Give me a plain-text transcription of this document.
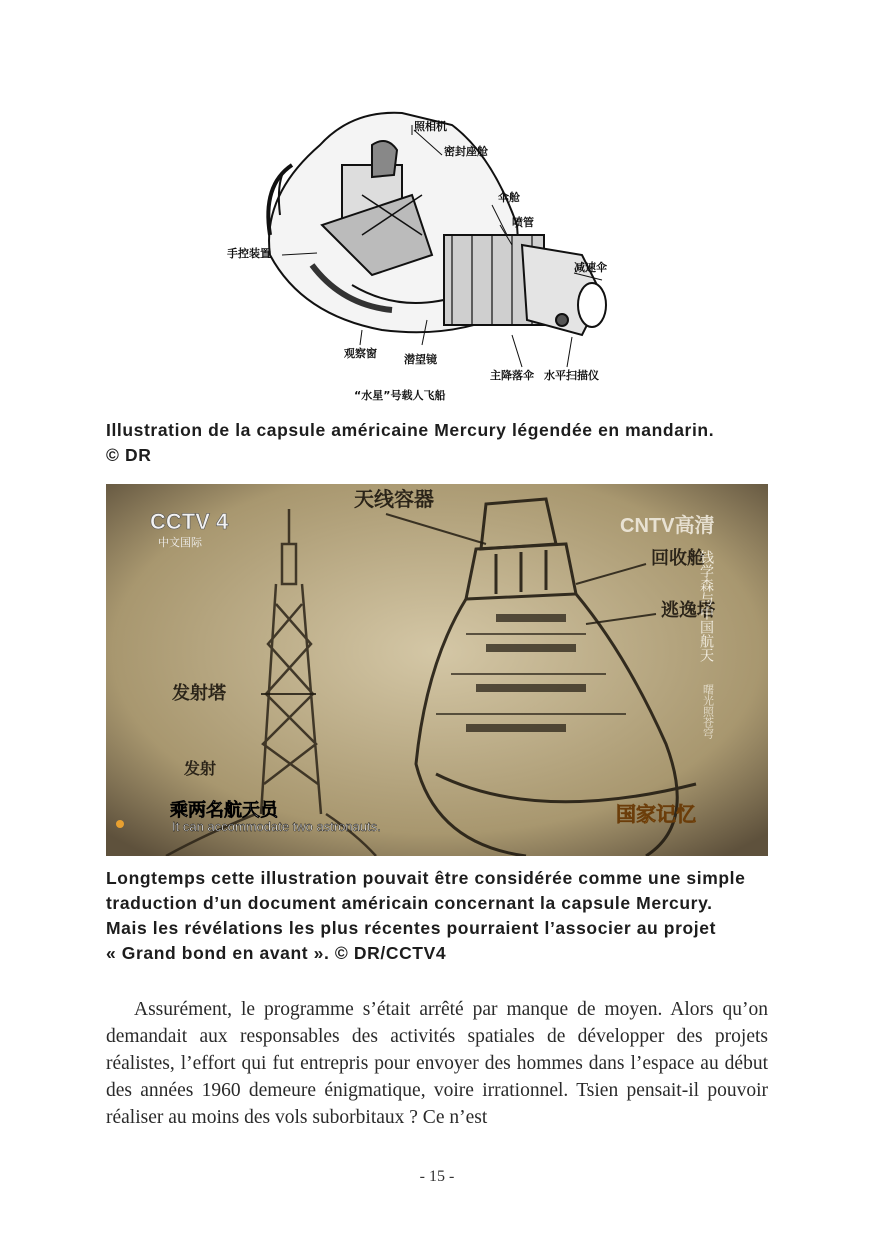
照相机
密封座舱
伞舱
喷管
手控装置
减速伞
观察窗 潜望镜
主降落伞 水平扫描仪
“水星”号载人飞船
Illustration de la capsule américaine Mercury légendée en mandarin.
© DR
天线容器
回收舱
逃逸塔
发射塔
发射
CCTV 4
中文国际
CNTV高清
钱学森与中国航天
曙光照苍穹
乘两名航天员
It can accommodate two astronauts.
国家记忆
Longtemps cette illustration pouvait être considérée comme une simple
traduction d’un document américain concernant la capsule Mercury.
Mais les révélations les plus récentes pourraient l’associer au projet
« Grand bond en avant ». © DR/CCTV4

Assurément, le programme s’était arrêté par manque de moyen. Alors qu’on demandait aux responsables des activités spatiales de développer des projets réalistes, l’effort qui fut entrepris pour envoyer des hommes dans l’espace au début des années 1960 demeure énigmatique, voire irrationnel. Tsien pensait-il pouvoir réaliser au moins des vols suborbitaux ? Ce n’est

- 15 -
